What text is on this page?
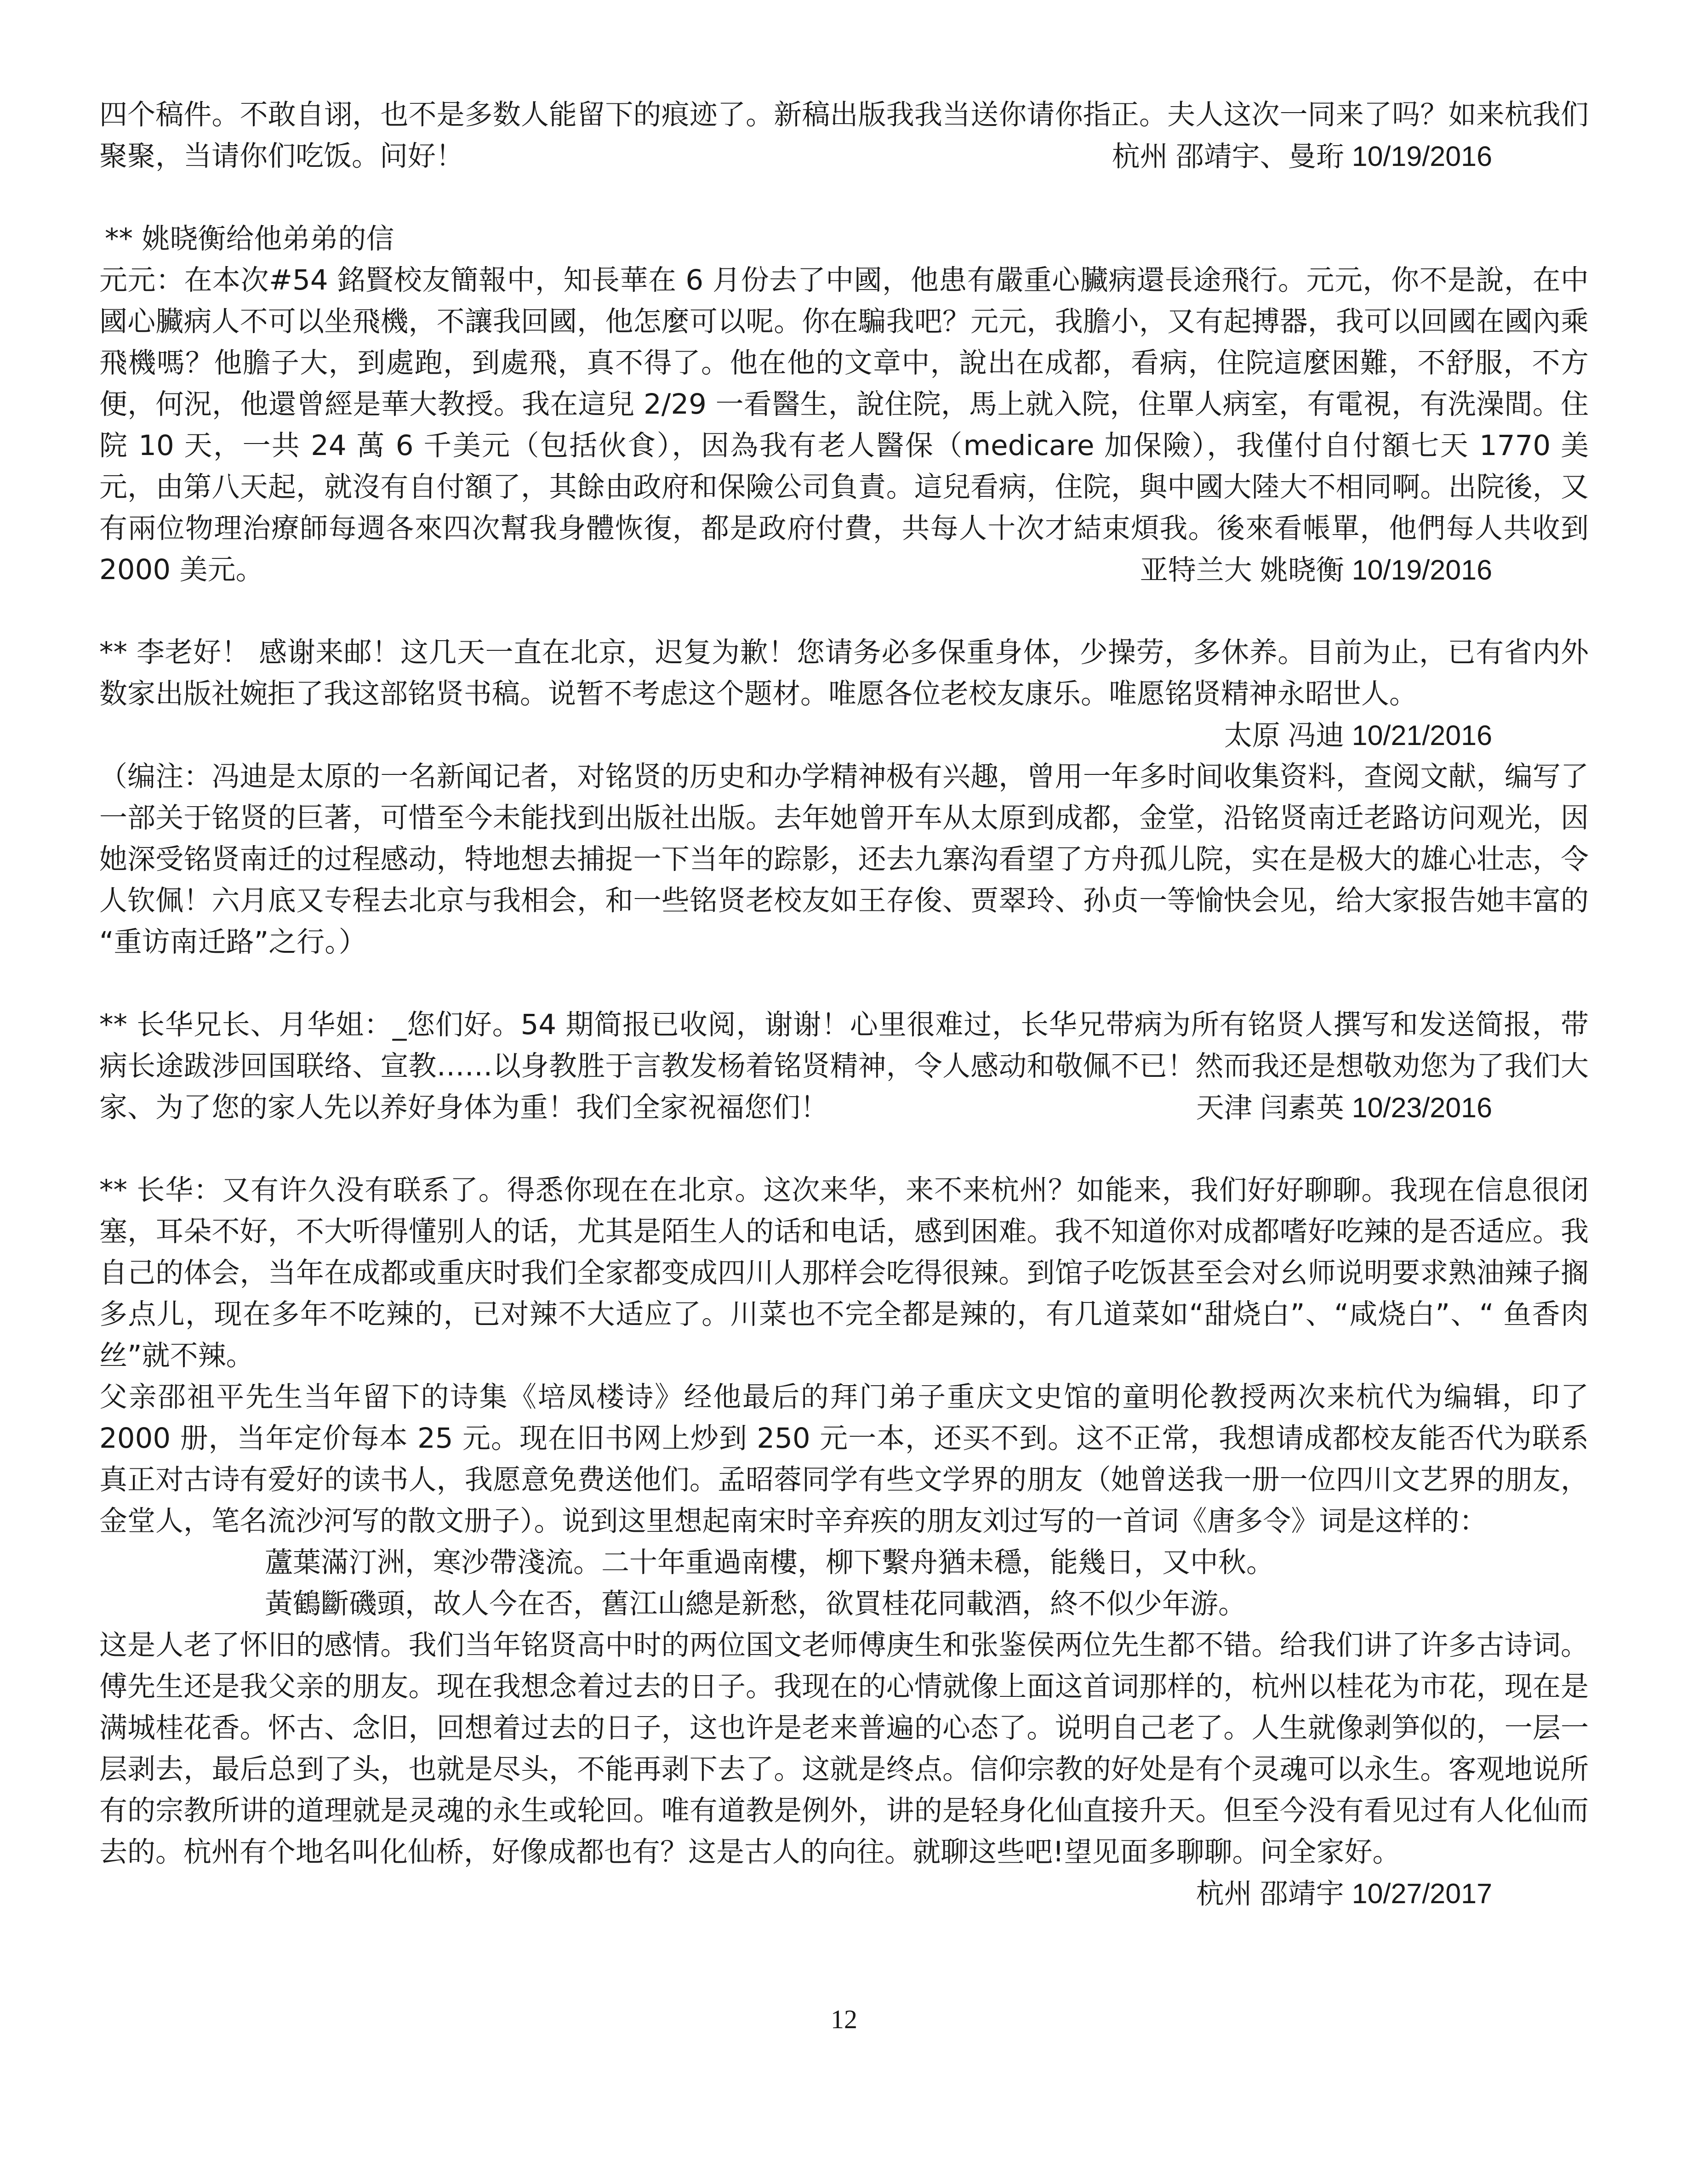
四个稿件。不敢自诩，也不是多数人能留下的痕迹了。新稿出版我我当送你请你指正。夫人这次一同来了吗？如来杭我们聚聚，当请你们吃饭。问好！	杭州 邵靖宇、曼珩 10/19/2016

** 姚晓衡给他弟弟的信

元元：在本次#54 銘賢校友簡報中，知長華在 6 月份去了中國，他患有嚴重心臟病還長途飛行。元元，你不是說，在中國心臟病人不可以坐飛機，不讓我回國，他怎麼可以呢。你在騙我吧？元元，我膽小，又有起搏器，我可以回國在國內乘飛機嗎？他膽子大，到處跑，到處飛，真不得了。他在他的文章中，說出在成都，看病，住院這麼困難，不舒服，不方便，何況，他還曾經是華大教授。我在這兒 2/29 一看醫生，說住院，馬上就入院，住單人病室，有電視，有洗澡間。住院 10 天，一共 24 萬 6 千美元（包括伙食），因為我有老人醫保（medicare 加保險），我僅付自付額七天 1770 美元，由第八天起，就沒有自付額了，其餘由政府和保險公司負責。這兒看病，住院，與中國大陸大不相同啊。出院後，又有兩位物理治療師每週各來四次幫我身體恢復，都是政府付費，共每人十次才結束煩我。後來看帳單，他們每人共收到 2000 美元。	亚特兰大 姚晓衡 10/19/2016

** 李老好！ 感谢来邮！这几天一直在北京，迟复为歉！您请务必多保重身体，少操劳，多休养。目前为止，已有省内外数家出版社婉拒了我这部铭贤书稿。说暂不考虑这个题材。唯愿各位老校友康乐。唯愿铭贤精神永昭世人。
太原 冯迪 10/21/2016

（编注：冯迪是太原的一名新闻记者，对铭贤的历史和办学精神极有兴趣，曾用一年多时间收集资料，查阅文献，编写了一部关于铭贤的巨著，可惜至今未能找到出版社出版。去年她曾开车从太原到成都，金堂，沿铭贤南迁老路访问观光，因她深受铭贤南迁的过程感动，特地想去捕捉一下当年的踪影，还去九寨沟看望了方舟孤儿院，实在是极大的雄心壮志，令人钦佩！六月底又专程去北京与我相会，和一些铭贤老校友如王存俊、贾翠玲、孙贞一等愉快会见，给大家报告她丰富的 “重访南迁路”之行。）

** 长华兄长、月华姐：_您们好。54 期简报已收阅，谢谢！心里很难过，长华兄带病为所有铭贤人撰写和发送简报，带病长途跋涉回国联络、宣教……以身教胜于言教发杨着铭贤精神，令人感动和敬佩不已！然而我还是想敬劝您为了我们大家、为了您的家人先以养好身体为重！我们全家祝福您们！	天津 闫素英 10/23/2016

** 长华：又有许久没有联系了。得悉你现在在北京。这次来华，来不来杭州？如能来，我们好好聊聊。我现在信息很闭塞，耳朵不好，不大听得懂别人的话，尤其是陌生人的话和电话，感到困难。我不知道你对成都嗜好吃辣的是否适应。我自己的体会，当年在成都或重庆时我们全家都变成四川人那样会吃得很辣。到馆子吃饭甚至会对幺师说明要求熟油辣子搁多点儿，现在多年不吃辣的，已对辣不大适应了。川菜也不完全都是辣的，有几道菜如“甜烧白”、“咸烧白”、“ 鱼香肉丝”就不辣。

父亲邵祖平先生当年留下的诗集《培凤楼诗》经他最后的拜门弟子重庆文史馆的童明伦教授两次来杭代为编辑，印了 2000 册，当年定价每本 25 元。现在旧书网上炒到 250 元一本，还买不到。这不正常，我想请成都校友能否代为联系真正对古诗有爱好的读书人，我愿意免费送他们。孟昭蓉同学有些文学界的朋友（她曾送我一册一位四川文艺界的朋友，金堂人，笔名流沙河写的散文册子）。说到这里想起南宋时辛弃疾的朋友刘过写的一首词《唐多令》词是这样的：

蘆葉滿汀洲，寒沙帶淺流。二十年重過南樓，柳下繫舟猶未穩，能幾日，又中秋。

黃鶴斷磯頭，故人今在否，舊江山總是新愁，欲買桂花同載酒，終不似少年游。

这是人老了怀旧的感情。我们当年铭贤高中时的两位国文老师傅庚生和张鉴侯两位先生都不错。给我们讲了许多古诗词。傅先生还是我父亲的朋友。现在我想念着过去的日子。我现在的心情就像上面这首词那样的，杭州以桂花为市花，现在是满城桂花香。怀古、念旧，回想着过去的日子，这也许是老来普遍的心态了。说明自己老了。人生就像剥笋似的，一层一层剥去，最后总到了头，也就是尽头，不能再剥下去了。这就是终点。信仰宗教的好处是有个灵魂可以永生。客观地说所有的宗教所讲的道理就是灵魂的永生或轮回。唯有道教是例外，讲的是轻身化仙直接升天。但至今没有看见过有人化仙而去的。杭州有个地名叫化仙桥，好像成都也有？这是古人的向往。就聊这些吧!望见面多聊聊。问全家好。
杭州 邵靖宇 10/27/2017

12
